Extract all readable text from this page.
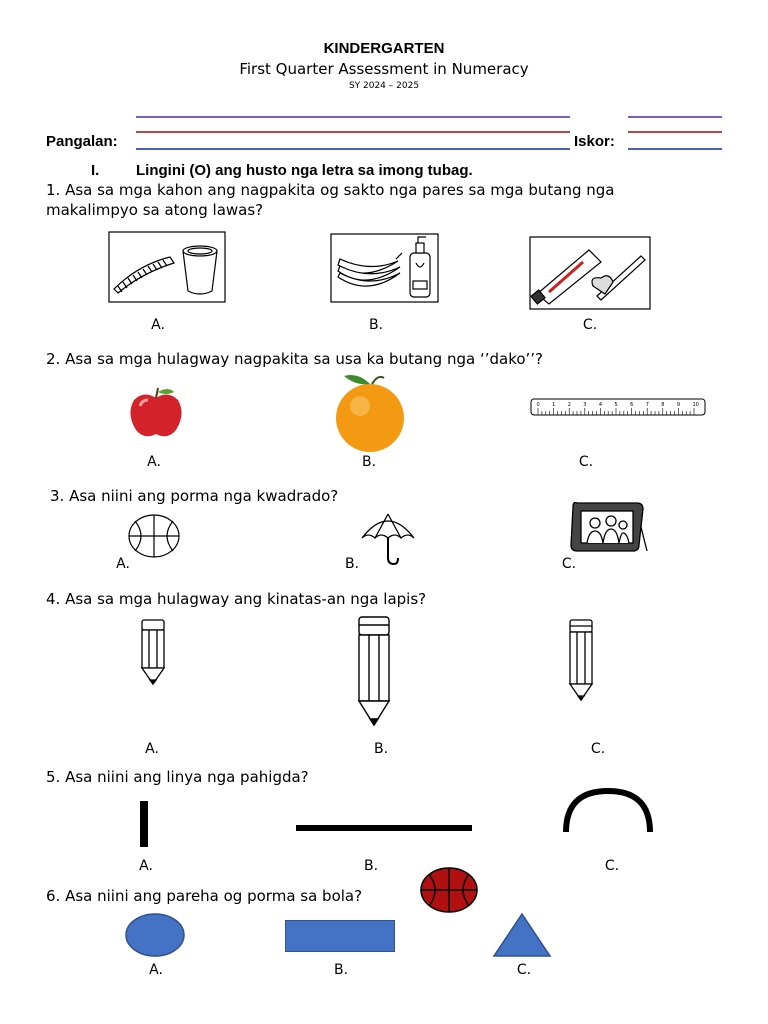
KINDERGARTEN
First Quarter Assessment in Numeracy
SY 2024 – 2025
Pangalan:	Iskor:
I. Lingini (O) ang husto nga letra sa imong tubag.
1. Asa sa mga kahon ang nagpakita og sakto nga pares sa mga butang nga
makalimpyo sa atong lawas?
A.	B.	C.
2. Asa sa mga hulagway nagpakita sa usa ka butang nga ‘’dako’’?
0 1 2 3 4 5 6 7 8 9 10
A.	B.	C.
3. Asa niini ang porma nga kwadrado?
A.	B.	C.
4. Asa sa mga hulagway ang kinatas-an nga lapis?
A.	B.	C.
5. Asa niini ang linya nga pahigda?
A.	B.	C.
6. Asa niini ang pareha og porma sa bola?
A.	B.	C.
